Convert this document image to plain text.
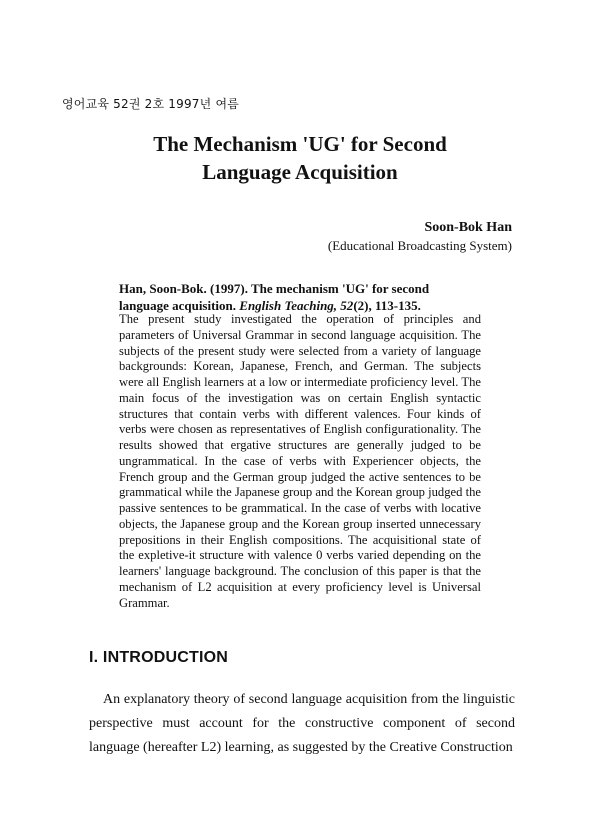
영어교육 52권 2호 1997년 여름
The Mechanism 'UG' for Second
Language Acquisition
Soon-Bok Han
(Educational Broadcasting System)
Han, Soon-Bok. (1997). The mechanism 'UG' for second language acquisition. English Teaching, 52(2), 113-135.
The present study investigated the operation of principles and parameters of Universal Grammar in second language acquisition. The subjects of the present study were selected from a variety of language backgrounds: Korean, Japanese, French, and German. The subjects were all English learners at a low or intermediate proficiency level. The main focus of the investigation was on certain English syntactic structures that contain verbs with different valences. Four kinds of verbs were chosen as representatives of English configurationality. The results showed that ergative structures are generally judged to be ungrammatical. In the case of verbs with Experiencer objects, the French group and the German group judged the active sentences to be grammatical while the Japanese group and the Korean group judged the passive sentences to be grammatical. In the case of verbs with locative objects, the Japanese group and the Korean group inserted unnecessary prepositions in their English compositions. The acquisitional state of the expletive-it structure with valence 0 verbs varied depending on the learners' language background. The conclusion of this paper is that the mechanism of L2 acquisition at every proficiency level is Universal Grammar.
I. INTRODUCTION
An explanatory theory of second language acquisition from the linguistic perspective must account for the constructive component of second language (hereafter L2) learning, as suggested by the Creative Construction
